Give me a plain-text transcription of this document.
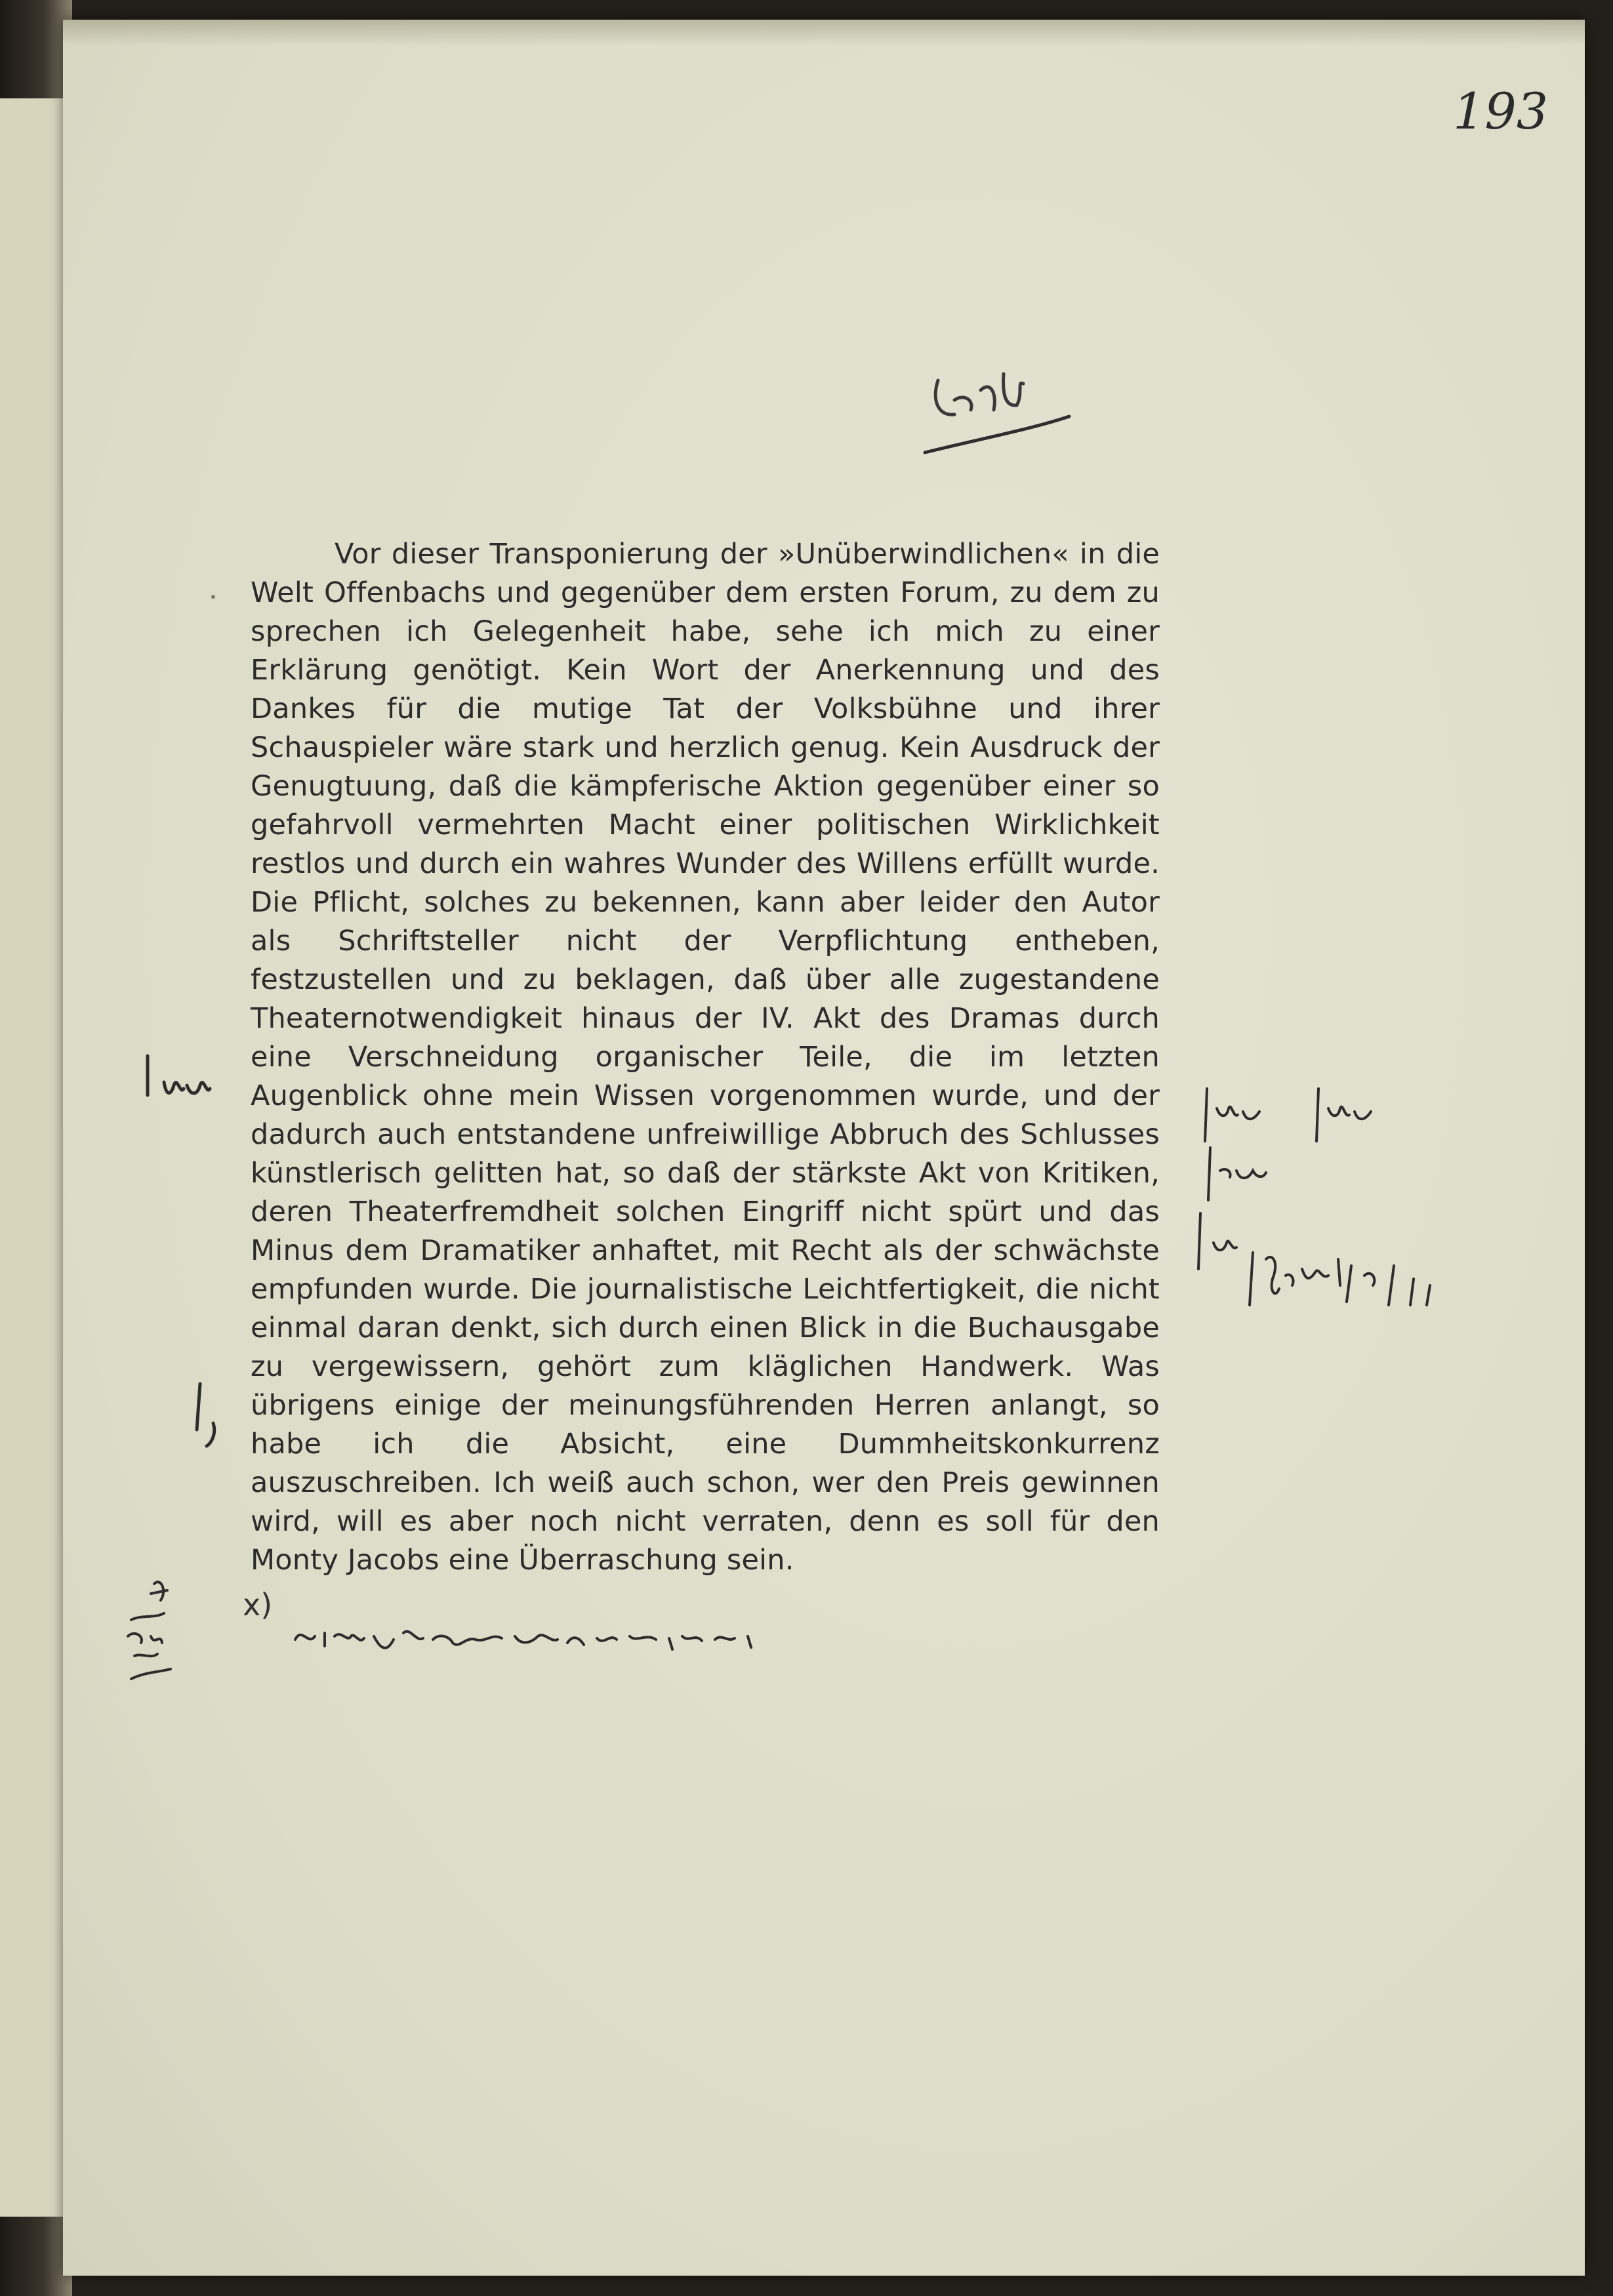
193
Vor dieser Transponierung der »Unüberwindlichen« in die Welt Offenbachs und gegenüber dem ersten Forum, zu dem zu sprechen ich Gelegenheit habe, sehe ich mich zu einer Erklärung genötigt. Kein Wort der Anerkennung und des Dankes für die mutige Tat der Volksbühne und ihrer Schauspieler wäre stark und herzlich genug. Kein Ausdruck der Genugtuung, daß die kämpferische Aktion gegenüber einer so gefahrvoll vermehrten Macht einer politischen Wirklichkeit restlos und durch ein wahres Wunder des Willens erfüllt wurde. Die Pflicht, solches zu bekennen, kann aber leider den Autor als Schriftsteller nicht der Verpflichtung entheben, festzustellen und zu beklagen, daß über alle zugestandene Theaternotwendigkeit hinaus der IV. Akt des Dramas durch eine Verschneidung organischer Teile, die im letzten Augenblick ohne mein Wissen vorgenommen wurde, und der dadurch auch entstandene unfreiwillige Abbruch des Schlusses künstlerisch gelitten hat, so daß der stärkste Akt von Kritiken, deren Theaterfremdheit solchen Eingriff nicht spürt und das Minus dem Dramatiker anhaftet, mit Recht als der schwächste empfunden wurde. Die journalistische Leichtfertigkeit, die nicht einmal daran denkt, sich durch einen Blick in die Buchausgabe zu vergewissern, gehört zum kläglichen Handwerk. Was übrigens einige der meinungsführenden Herren anlangt, so habe ich die Absicht, eine Dummheitskonkurrenz auszuschreiben. Ich weiß auch schon, wer den Preis gewinnen wird, will es aber noch nicht verraten, denn es soll für den Monty Jacobs eine Überraschung sein.
x)
